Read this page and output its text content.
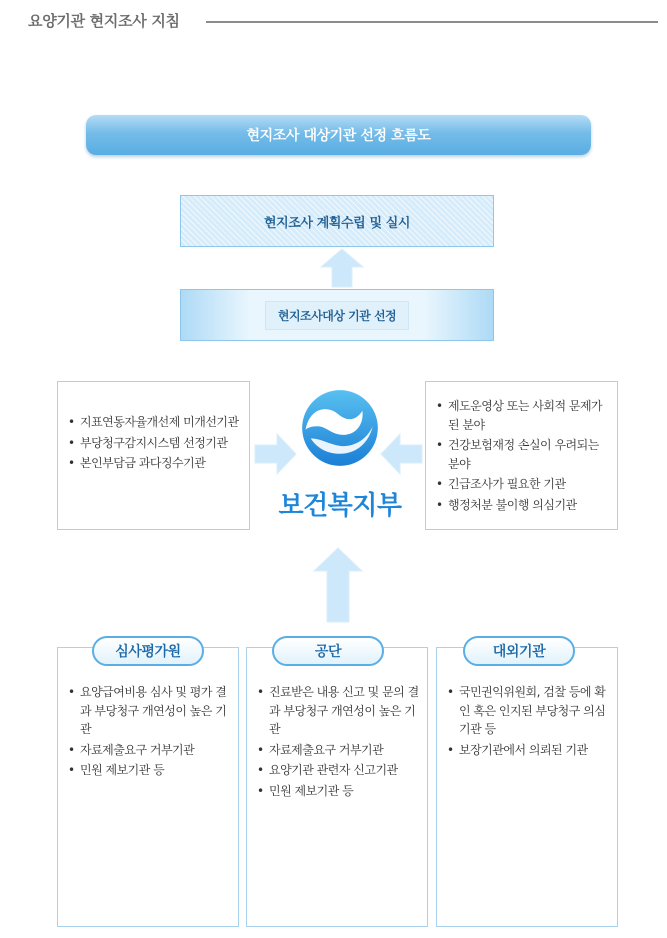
요양기관 현지조사 지침
현지조사 대상기관 선정 흐름도
현지조사 계획수립 및 실시
현지조사대상 기관 선정
• 지표연동자율개선제 미개선기관
• 부당청구감지시스템 선정기관
• 본인부담금 과다징수기관
• 제도운영상 또는 사회적 문제가 된 분야
• 건강보험재정 손실이 우려되는 분야
• 긴급조사가 필요한 기관
• 행정처분 불이행 의심기관
보건복지부
• 요양급여비용 심사 및 평가 결과 부당청구 개연성이 높은 기관
• 자료제출요구 거부기관
• 민원 제보기관 등
심사평가원
• 진료받은 내용 신고 및 문의 결과 부당청구 개연성이 높은 기관
• 자료제출요구 거부기관
• 요양기관 관련자 신고기관
• 민원 제보기관 등
공단
• 국민권익위원회, 검찰 등에 확인 혹은 인지된 부당청구 의심기관 등
• 보장기관에서 의뢰된 기관
대외기관
